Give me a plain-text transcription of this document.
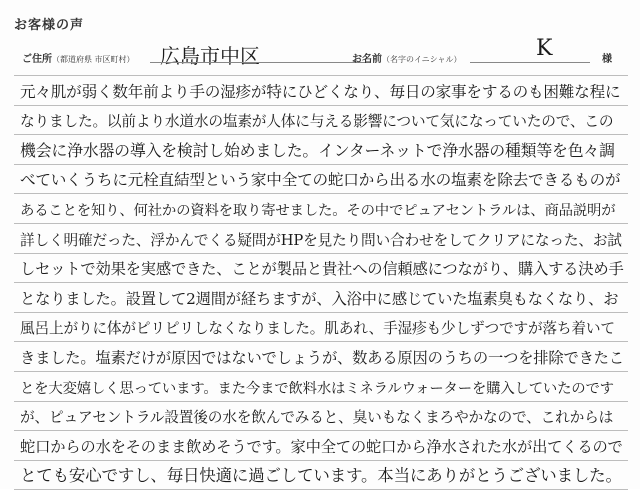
お客様の声
ご住所（都道府県 市区町村） 広島市中区	お名前（名字のイニシャル）	K	様
元々肌が弱く数年前より手の湿疹が特にひどくなり、毎日の家事をするのも困難な程に
なりました。以前より水道水の塩素が人体に与える影響について気になっていたので、この
機会に浄水器の導入を検討し始めました。インターネットで浄水器の種類等を色々調
べていくうちに元栓直結型という家中全ての蛇口から出る水の塩素を除去できるものが
あることを知り、何社かの資料を取り寄せました。その中でピュアセントラルは、商品説明が
詳しく明確だった、浮かんでくる疑問がHPを見たり問い合わせをしてクリアになった、お試
しセットで効果を実感できた、ことが製品と貴社への信頼感につながり、購入する決め手
となりました。設置して2週間が経ちますが、入浴中に感じていた塩素臭もなくなり、お
風呂上がりに体がピリピリしなくなりました。肌あれ、手湿疹も少しずつですが落ち着いて
きました。塩素だけが原因ではないでしょうが、数ある原因のうちの一つを排除できたこ
とを大変嬉しく思っています。また今まで飲料水はミネラルウォーターを購入していたのです
が、ピュアセントラル設置後の水を飲んでみると、臭いもなくまろやかなので、これからは
蛇口からの水をそのまま飲めそうです。家中全ての蛇口から浄水された水が出てくるので
とても安心ですし、毎日快適に過ごしています。本当にありがとうございました。
